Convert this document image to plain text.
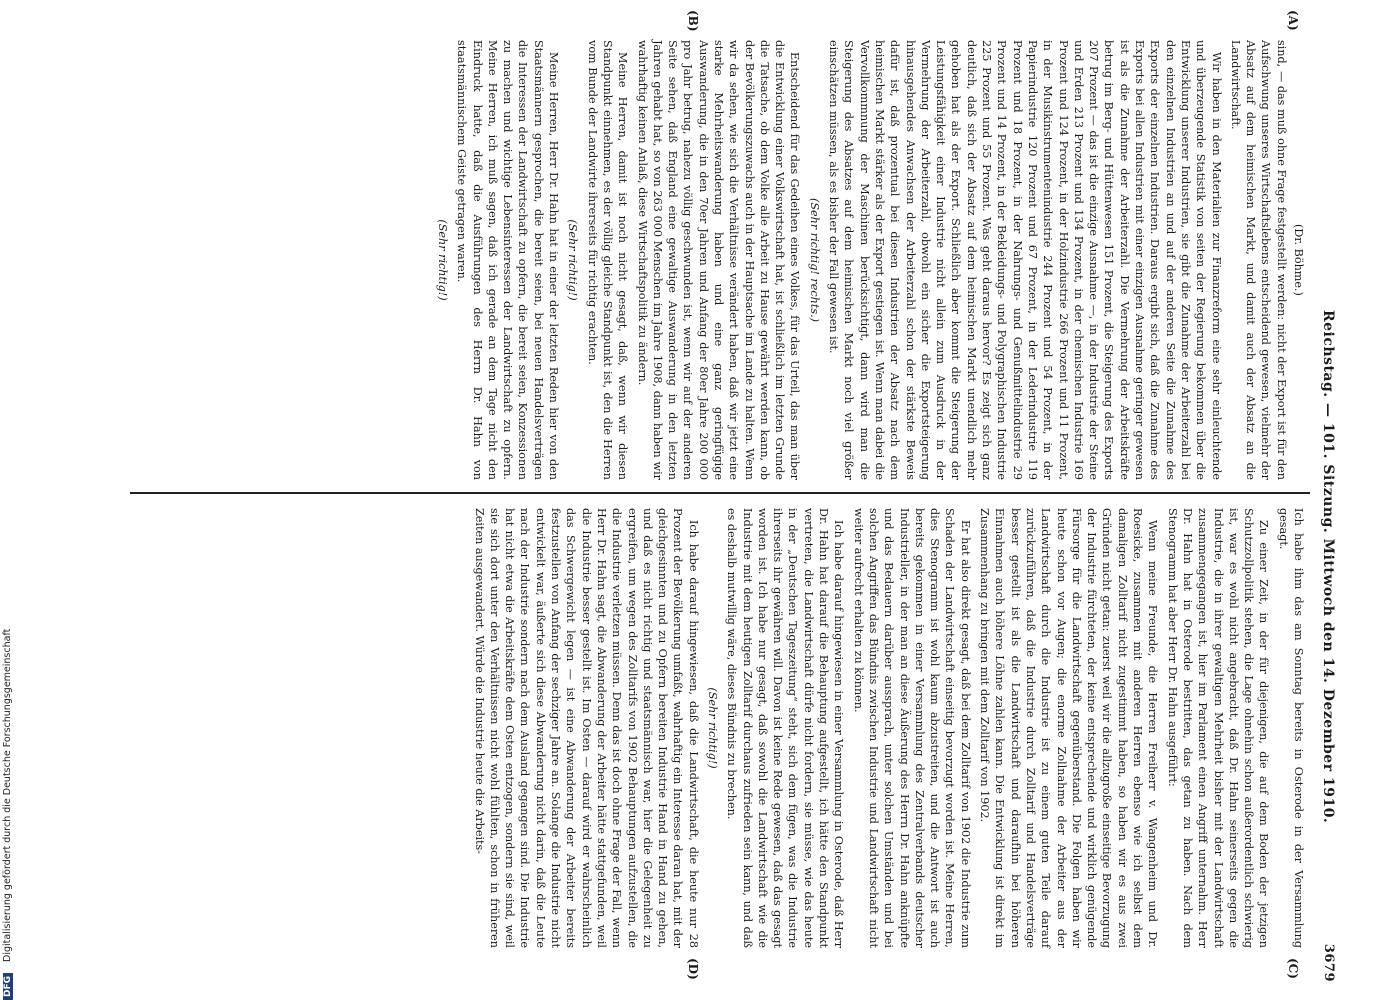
Reichstag. — 101. Sitzung. Mittwoch den 14. Dezember 1910.
3679
(A)
(B)
(C)
(D)
(Dr. Böhme.)

sind, — das muß ohne Frage festgestellt werden: nicht der Export ist für den Aufschwung unseres Wirtschaftslebens entscheidend gewesen, vielmehr der Absatz auf dem heimischen Markt, und damit auch der Absatz an die Landwirtschaft.

Wir haben in den Materialien zur Finanzreform eine sehr einleuchtende und überzeugende Statistik von seiten der Regierung bekommen über die Entwicklung unserer Industrien, sie gibt die Zunahme der Arbeiterzahl bei den einzelnen Industrien an und auf der anderen Seite die Zunahme des Exports der einzelnen Industrien. Daraus ergibt sich, daß die Zunahme des Exports bei allen Industrien mit einer einzigen Ausnahme geringer gewesen ist als die Zunahme der Arbeiterzahl. Die Vermehrung der Arbeitskräfte betrug im Berg- und Hüttenwesen 151 Prozent, die Steigerung des Exports 207 Prozent — das ist die einzige Ausnahme —, in der Industrie der Steine und Erden 213 Prozent und 134 Prozent, in der chemischen Industrie 169 Prozent und 124 Prozent, in der Holzindustrie 266 Prozent und 11 Prozent, in der Musikinstrumentenindustrie 244 Prozent und 54 Prozent, in der Papierindustrie 120 Prozent und 67 Prozent, in der Lederindustrie 119 Prozent und 18 Prozent, in der Nahrungs- und Genußmittelindustrie 29 Prozent und 14 Prozent, in der Bekleidungs- und Polygraphischen Industrie 225 Prozent und 55 Prozent. Was geht daraus hervor? Es zeigt sich ganz deutlich, daß sich der Absatz auf dem heimischen Markt unendlich mehr gehoben hat als der Export. Schließlich aber kommt die Steigerung der Leistungsfähigkeit einer Industrie nicht allein zum Ausdruck in der Vermehrung der Arbeiterzahl, obwohl ein sicher die Exportsteigerung hinausgehendes Anwachsen der Arbeiterzahl schon der stärkste Beweis dafür ist, daß prozentual bei diesen Industrien der Absatz nach dem heimischen Markt stärker als der Export gestiegen ist. Wenn man dabei die Vervollkommnung der Maschinen berücksichtigt, dann wird man die Steigerung des Absatzes auf dem heimischen Markt noch viel größer einschätzen müssen, als es bisher der Fall gewesen ist.

(Sehr richtig! rechts.)

Entscheidend für das Gedeihen eines Volkes, für das Urteil, das man über die Entwicklung einer Volkswirtschaft hat, ist schließlich im letzten Grunde die Tatsache, ob dem Volke alle Arbeit zu Hause gewährt werden kann, ob der Bevölkerungszuwachs auch in der Hauptsache im Lande zu halten. Wenn wir da sehen, wie sich die Verhältnisse verändert haben, daß wir jetzt eine starke Mehrheitswanderung haben und eine ganz geringfügige Auswanderung, die in den 70er Jahren und Anfang der 80er Jahre 200 000 pro Jahr betrug, nahezu völlig geschwunden ist, wenn wir auf der anderen Seite sehen, daß England eine gewaltige Auswanderung in den letzten Jahren gehabt hat, so von 263 000 Menschen im Jahre 1908, dann haben wir wahrhaftig keinen Anlaß, diese Wirtschaftspolitik zu ändern.

Meine Herren, damit ist noch nicht gesagt, daß, wenn wir diesen Standpunkt einnehmen, es der völlig gleiche Standpunkt ist, den die Herren vom Bunde der Landwirte ihrerseits für richtig erachten.

(Sehr richtig!)

Meine Herren, Herr Dr. Hahn hat in einer der letzten Reden hier von den Staatsmännern gesprochen, die bereit seien, bei neuen Handelsverträgen die Interessen der Landwirtschaft zu opfern, die bereit seien, Konzessionen zu machen und wichtige Lebensinteressen der Landwirtschaft zu opfern. Meine Herren, ich muß sagen, daß ich gerade an dem Tage nicht den Eindruck hatte, daß die Ausführungen des Herrn Dr. Hahn von staatsmännischem Geiste getragen waren.

(Sehr richtig!)

Ich habe ihm das am Sonntag bereits in Osterode in der Versammlung gesagt.

Zu einer Zeit, in der für diejenigen, die auf dem Boden der jetzigen Schutzzollpolitik stehen, die Lage ohnehin schon außerordentlich schwierig ist, war es wohl nicht angebracht, daß Dr. Hahn seinerseits gegen die Industrie, die in ihrer gewaltigen Mehrheit bisher mit der Landwirtschaft zusammengegangen ist, hier im Parlament einen Angriff unternahm. Herr Dr. Hahn hat in Osterode bestritten, das getan zu haben. Nach dem Stenogramm hat aber Herr Dr. Hahn ausgeführt:

Wenn meine Freunde, die Herren Freiherr v. Wangenheim und Dr. Roesicke, zusammen mit anderen Herren ebenso wie ich selbst dem damaligen Zolltarif nicht zugestimmt haben, so haben wir es aus zwei Gründen nicht getan: zuerst weil wir die allzugroße einseitige Bevorzugung der Industrie fürchteten, der keine entsprechende und wirklich genügende Fürsorge für die Landwirtschaft gegenüberstand. Die Folgen haben wir heute schon vor Augen; die enorme Zollnahme der Arbeiter aus der Landwirtschaft durch die Industrie ist zu einem guten Teile darauf zurückzuführen, daß die Industrie durch Zolltarif und Handelsverträge besser gestellt ist als die Landwirtschaft und daraufhin bei höheren Einnahmen auch höhere Löhne zahlen kann. Die Entwicklung ist direkt im Zusammenhang zu bringen mit dem Zolltarif von 1902.

Er hat also direkt gesagt, daß bei dem Zolltarif von 1902 die Industrie zum Schaden der Landwirtschaft einseitig bevorzugt worden ist. Meine Herren, dies Stenogramm ist wohl kaum abzustreiten, und die Antwort ist auch bereits gekommen in einer Versammlung des Zentralverbands deutscher Industrieller, in der man an diese Äußerung des Herrn Dr. Hahn anknüpfte und das Bedauern darüber aussprach, unter solchen Umständen und bei solchen Angriffen das Bündnis zwischen Industrie und Landwirtschaft nicht weiter aufrecht erhalten zu können.

Ich habe darauf hingewiesen in einer Versammlung in Osterode, daß Herr Dr. Hahn hat darauf die Behauptung aufgestellt, ich hätte den Standpunkt vertreten, die Landwirtschaft dürfe nicht fordern, sie müsse, wie das heute in der „Deutschen Tageszeitung“ steht, sich dem fügen, was die Industrie ihrerseits ihr gewähren will. Davon ist keine Rede gewesen, daß das gesagt worden ist. Ich habe nur gesagt, daß sowohl die Landwirtschaft wie die Industrie mit dem heutigen Zolltarif durchaus zufrieden sein kann, und daß es deshalb mutwillig wäre, dieses Bündnis zu brechen.

(Sehr richtig!)

Ich habe darauf hingewiesen, daß die Landwirtschaft, die heute nur 28 Prozent der Bevölkerung umfaßt, wahrhaftig ein Interesse daran hat, mit der gleichgesinnten und zu Opfern bereiten Industrie Hand in Hand zu gehen, und daß es nicht richtig und staatsmännisch war, hier die Gelegenheit zu ergreifen, um wegen des Zolltarifs von 1902 Behauptungen aufzustellen, die die Industrie verletzen müssen. Denn das ist doch ohne Frage der Fall, wenn Herr Dr. Hahn sagt, die Abwanderung der Arbeiter hätte stattgefunden, weil die Industrie besser gestellt ist. Im Osten — darauf wird er wahrscheinlich das Schwergewicht legen — ist eine Abwanderung der Arbeiter bereits festzustellen von Anfang der sechziger Jahre an. Solange die Industrie nicht entwickelt war, äußerte sich diese Abwanderung nicht darin, daß die Leute nach der Industrie sondern nach dem Ausland gegangen sind. Die Industrie hat nicht etwa die Arbeitskräfte dem Osten entzogen, sondern sie sind, weil sie sich dort unter den Verhältnissen nicht wohl fühlten, schon in früheren Zeiten ausgewandert. Würde die Industrie heute die Arbeits-

DFG Digitalisierung gefördert durch die Deutsche Forschungsgemeinschaft
